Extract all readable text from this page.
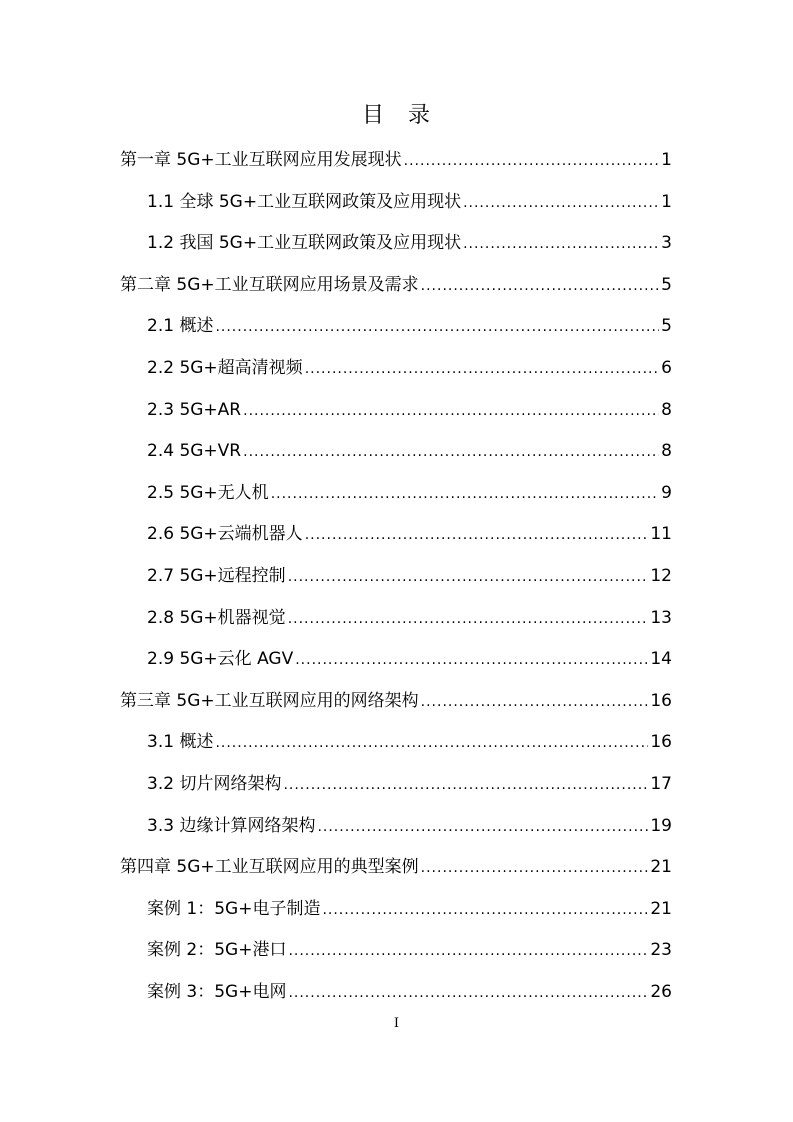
目　录
第一章 5G+工业互联网应用发展现状 .....	1
1.1 全球 5G+工业互联网政策及应用现状 .....	1
1.2 我国 5G+工业互联网政策及应用现状 .....	3
第二章 5G+工业互联网应用场景及需求 .....	5
2.1 概述 .....	5
2.2 5G+超高清视频 .....	6
2.3 5G+AR .....	8
2.4 5G+VR .....	8
2.5 5G+无人机 .....	9
2.6 5G+云端机器人 .....	11
2.7 5G+远程控制 .....	12
2.8 5G+机器视觉 .....	13
2.9 5G+云化 AGV .....	14
第三章 5G+工业互联网应用的网络架构 .....	16
3.1 概述 .....	16
3.2 切片网络架构 .....	17
3.3 边缘计算网络架构 .....	19
第四章 5G+工业互联网应用的典型案例 .....	21
案例 1：5G+电子制造 .....	21
案例 2：5G+港口 .....	23
案例 3：5G+电网 .....	26
I
